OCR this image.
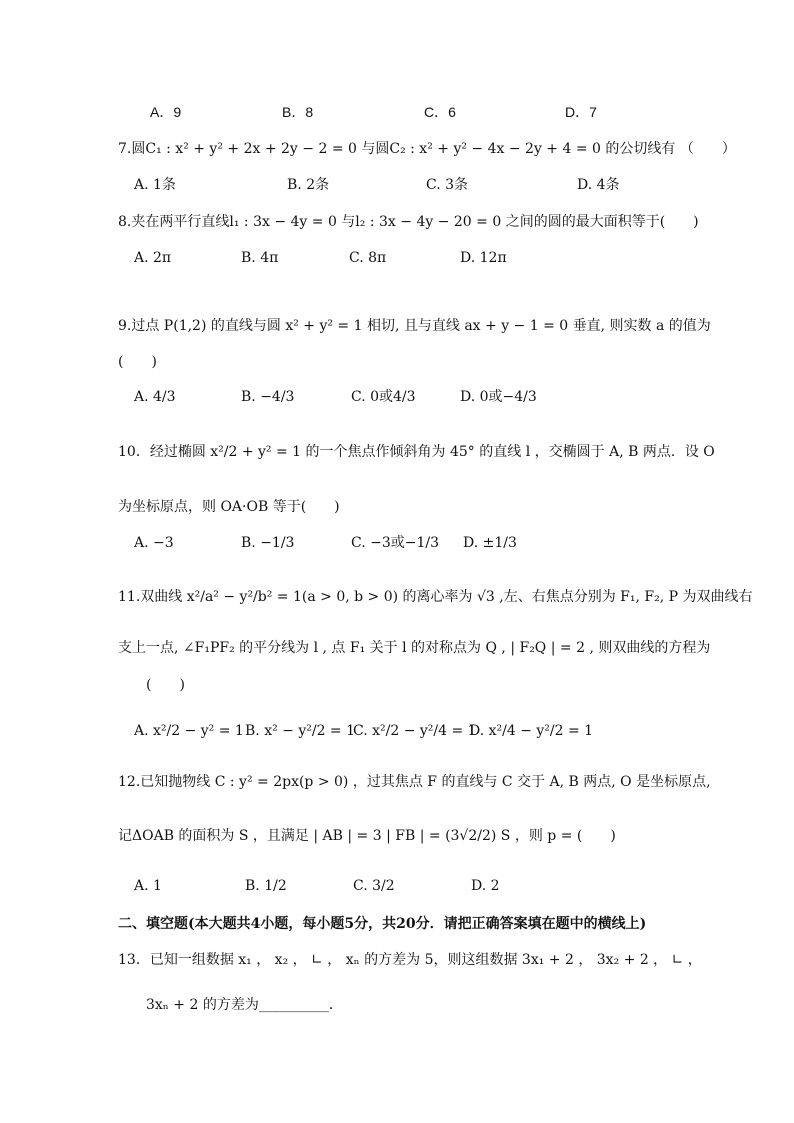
A．9	B．8	C．6	D．7
7.圆C₁ : x² + y² + 2x + 2y − 2 = 0 与圆C₂ : x² + y² − 4x − 2y + 4 = 0 的公切线有 （　　）
A. 1条	B. 2条	C. 3条	D. 4条
8.夹在两平行直线l₁ : 3x − 4y = 0 与l₂ : 3x − 4y − 20 = 0 之间的圆的最大面积等于(　　)
A. 2π	B. 4π	C. 8π	D. 12π
9.过点 P(1,2) 的直线与圆 x² + y² = 1 相切, 且与直线 ax + y − 1 = 0 垂直, 则实数 a 的值为
(　　)
A. 4/3	B. −4/3	C. 0或4/3	D. 0或−4/3
10．经过椭圆 x²/2 + y² = 1 的一个焦点作倾斜角为 45° 的直线 l ，交椭圆于 A, B 两点．设 O
为坐标原点，则 OA·OB 等于(　　)
A. −3	B. −1/3	C. −3或−1/3 D. ±1/3
11.双曲线 x²/a² − y²/b² = 1(a > 0, b > 0) 的离心率为 √3 ,左、右焦点分别为 F₁, F₂, P 为双曲线右
支上一点, ∠F₁PF₂ 的平分线为 l , 点 F₁ 关于 l 的对称点为 Q , | F₂Q | = 2 , 则双曲线的方程为
(　　)
A. x²/2 − y² = 1 B. x² − y²/2 = 1
C. x²/2 − y²/4 = 1
D. x²/4 − y²/2 = 1
12.已知抛物线 C : y² = 2px(p > 0) ，过其焦点 F 的直线与 C 交于 A, B 两点, O 是坐标原点,
记ΔOAB 的面积为 S ，且满足 | AB | = 3 | FB | = (3√2/2) S ，则 p = (　　)
A. 1	B. 1/2	C. 3/2	D. 2
二、填空题(本大题共4小题，每小题5分，共20分．请把正确答案填在题中的横线上)
13．已知一组数据 x₁ ， x₂ ， ∟ ， xₙ 的方差为 5，则这组数据 3x₁ + 2 ， 3x₂ + 2 ， ∟ ，
3xₙ + 2 的方差为__________．
